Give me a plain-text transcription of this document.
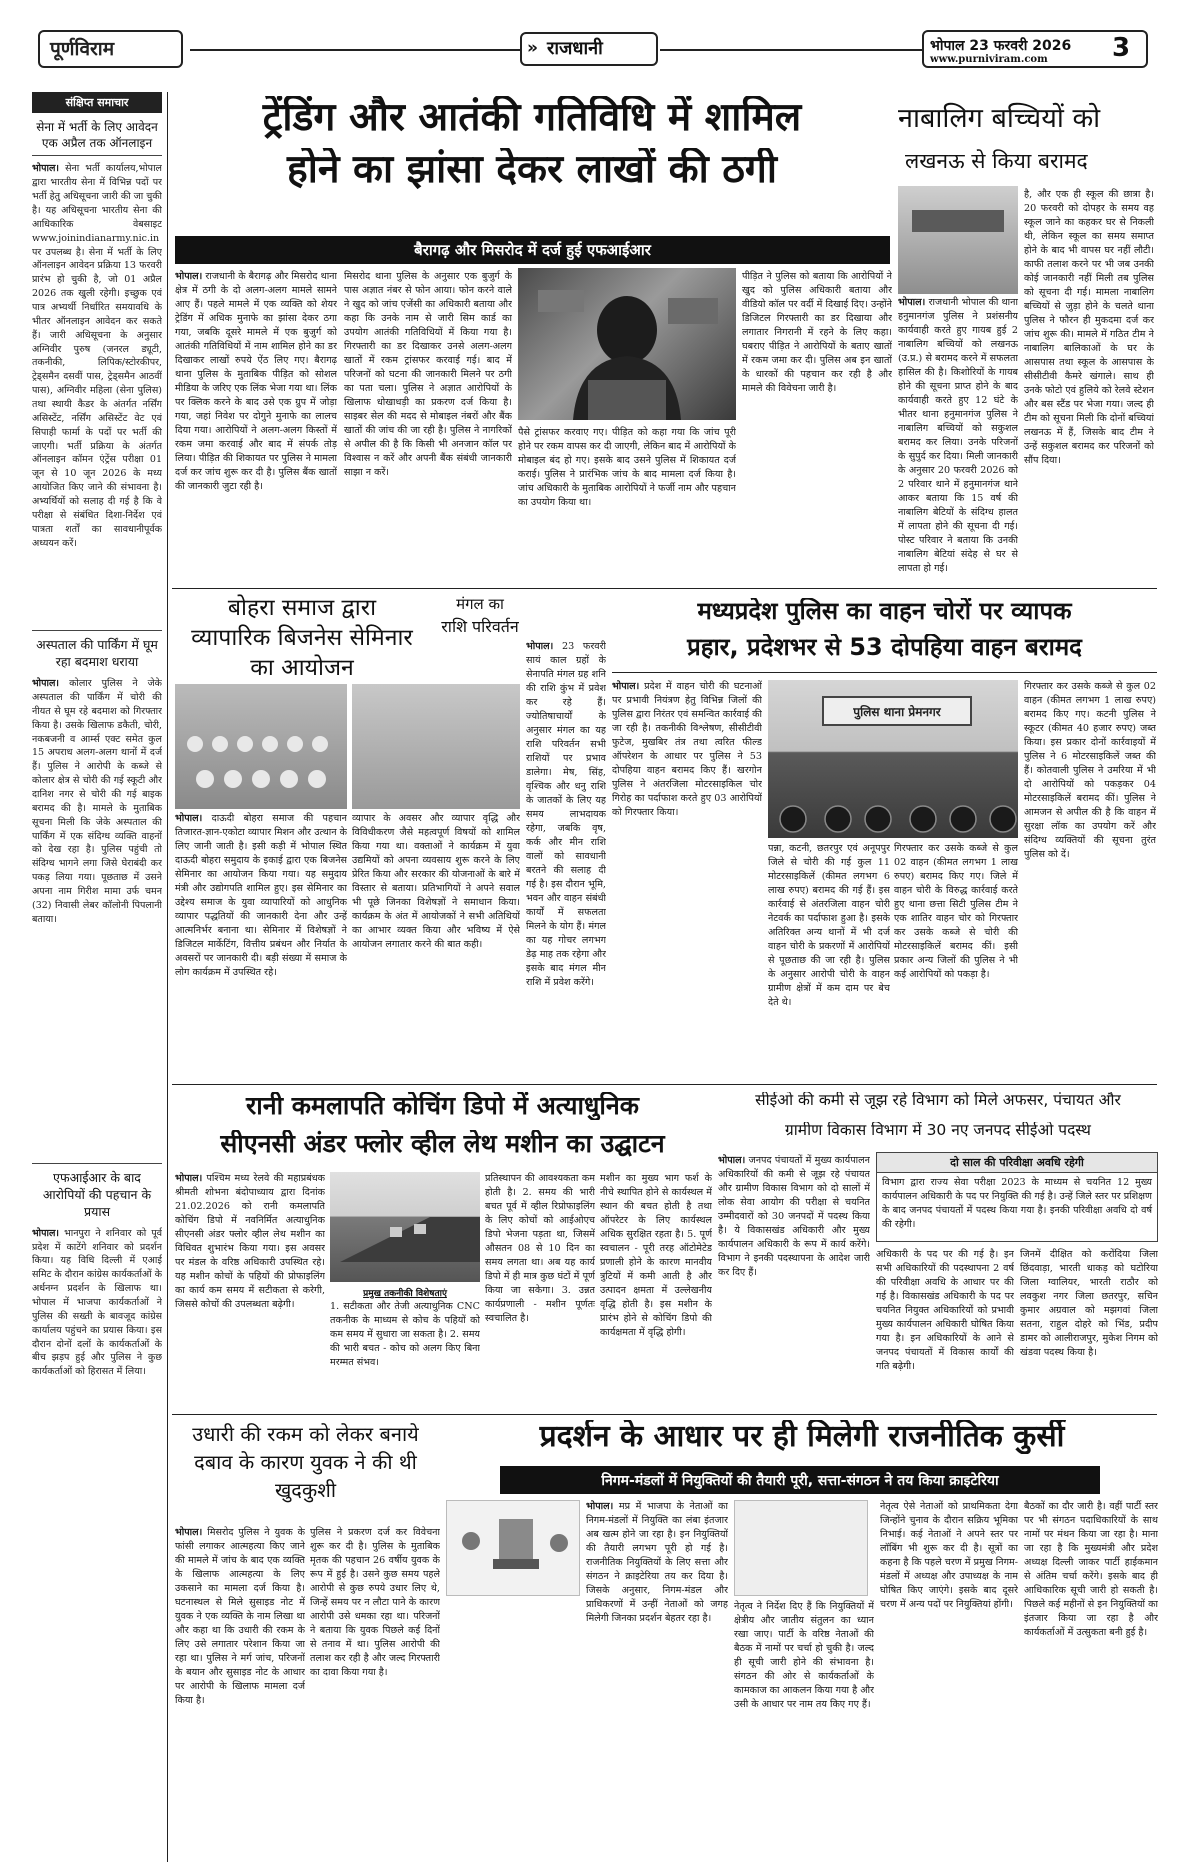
पूर्णविराम	» राजधानी	भोपाल 23 फरवरी 2026 3
www.purniviram.com
संक्षिप्त समाचार
सेना में भर्ती के लिए आवेदन एक अप्रैल तक ऑनलाइन
भोपाल। सेना भर्ती कार्यालय,भोपाल द्वारा भारतीय सेना में विभिन्न पदों पर भर्ती हेतु अधिसूचना जारी की जा चुकी है। यह अधिसूचना भारतीय सेना की आधिकारिक वेबसाइट www.joinindianarmy.nic.in पर उपलब्ध है। सेना में भर्ती के लिए ऑनलाइन आवेदन प्रक्रिया 13 फरवरी प्रारंभ हो चुकी है, जो 01 अप्रैल 2026 तक खुली रहेगी। इच्छुक एवं पात्र अभ्यर्थी निर्धारित समयावधि के भीतर ऑनलाइन आवेदन कर सकते हैं। जारी अधिसूचना के अनुसार अग्निवीर पुरुष (जनरल ड्यूटी, तकनीकी, लिपिक/स्टोरकीपर, ट्रेड्समैन दसवीं पास, ट्रेड्समैन आठवीं पास), अग्निवीर महिला (सेना पुलिस) तथा स्थायी कैडर के अंतर्गत नर्सिंग असिस्टेंट, नर्सिंग असिस्टेंट वेट एवं सिपाही फार्मा के पदों पर भर्ती की जाएगी। भर्ती प्रक्रिया के अंतर्गत ऑनलाइन कॉमन एंट्रेंस परीक्षा 01 जून से 10 जून 2026 के मध्य आयोजित किए जाने की संभावना है। अभ्यर्थियों को सलाह दी गई है कि वे परीक्षा से संबंधित दिशा-निर्देश एवं पात्रता शर्तों का सावधानीपूर्वक अध्ययन करें।
अस्पताल की पार्किंग में घूम रहा बदमाश धराया
भोपाल। कोलार पुलिस ने जेके अस्पताल की पार्किंग में चोरी की नीयत से घूम रहे बदमाश को गिरफ्तार किया है। उसके खिलाफ डकैती, चोरी, नकबजनी व आर्म्स एक्ट समेत कुल 15 अपराध अलग-अलग थानों में दर्ज हैं। पुलिस ने आरोपी के कब्जे से कोलार क्षेत्र से चोरी की गई स्कूटी और दानिश नगर से चोरी की गई बाइक बरामद की है। मामले के मुताबिक सूचना मिली कि जेके अस्पताल की पार्किंग में एक संदिग्ध व्यक्ति वाहनों को देख रहा है। पुलिस पहुंची तो संदिग्ध भागने लगा जिसे घेराबंदी कर पकड़ लिया गया। पूछताछ में उसने अपना नाम गिरीश मामा उर्फ चमन (32) निवासी लेबर कॉलोनी पिपलानी बताया।
एफआईआर के बाद आरोपियों की पहचान के प्रयास
भोपाल। भानपुरा ने शनिवार को पूर्व प्रदेश में काटेंगे शनिवार को प्रदर्शन किया। यह विधि दिल्ली में एआई समिट के दौरान कांग्रेस कार्यकर्ताओं के अर्धनग्न प्रदर्शन के खिलाफ था। भोपाल में भाजपा कार्यकर्ताओं ने पुलिस की सख्ती के बावजूद कांग्रेस कार्यालय पहुंचने का प्रयास किया। इस दौरान दोनों दलों के कार्यकर्ताओं के बीच झड़प हुई और पुलिस ने कुछ कार्यकर्ताओं को हिरासत में लिया।
ट्रेंडिंग और आतंकी गतिविधि में शामिल
होने का झांसा देकर लाखों की ठगी
बैरागढ़ और मिसरोद में दर्ज हुई एफआईआर
भोपाल। राजधानी के बैरागढ़ और मिसरोद थाना क्षेत्र में ठगी के दो अलग-अलग मामले सामने आए हैं। पहले मामले में एक व्यक्ति को शेयर ट्रेडिंग में अधिक मुनाफे का झांसा देकर ठगा गया, जबकि दूसरे मामले में एक बुजुर्ग को आतंकी गतिविधियों में नाम शामिल होने का डर दिखाकर लाखों रुपये ऐंठ लिए गए। बैरागढ़ थाना पुलिस के मुताबिक पीड़ित को सोशल मीडिया के जरिए एक लिंक भेजा गया था। लिंक पर क्लिक करने के बाद उसे एक ग्रुप में जोड़ा गया, जहां निवेश पर दोगुने मुनाफे का लालच दिया गया। आरोपियों ने अलग-अलग किस्तों में रकम जमा करवाई और बाद में संपर्क तोड़ लिया। पीड़ित की शिकायत पर पुलिस ने मामला दर्ज कर जांच शुरू कर दी है। पुलिस बैंक खातों की जानकारी जुटा रही है।
मिसरोद थाना पुलिस के अनुसार एक बुजुर्ग के पास अज्ञात नंबर से फोन आया। फोन करने वाले ने खुद को जांच एजेंसी का अधिकारी बताया और कहा कि उनके नाम से जारी सिम कार्ड का उपयोग आतंकी गतिविधियों में किया गया है। गिरफ्तारी का डर दिखाकर उनसे अलग-अलग खातों में रकम ट्रांसफर करवाई गई। बाद में परिजनों को घटना की जानकारी मिलने पर ठगी का पता चला। पुलिस ने अज्ञात आरोपियों के खिलाफ धोखाधड़ी का प्रकरण दर्ज किया है। साइबर सेल की मदद से मोबाइल नंबरों और बैंक खातों की जांच की जा रही है। पुलिस ने नागरिकों से अपील की है कि किसी भी अनजान कॉल पर विश्वास न करें और अपनी बैंक संबंधी जानकारी साझा न करें।
पैसे ट्रांसफर करवाए गए। पीड़ित को कहा गया कि जांच पूरी होने पर रकम वापस कर दी जाएगी, लेकिन बाद में आरोपियों के मोबाइल बंद हो गए। इसके बाद उसने पुलिस में शिकायत दर्ज कराई। पुलिस ने प्रारंभिक जांच के बाद मामला दर्ज किया है। जांच अधिकारी के मुताबिक आरोपियों ने फर्जी नाम और पहचान का उपयोग किया था।
पीड़ित ने पुलिस को बताया कि आरोपियों ने खुद को पुलिस अधिकारी बताया और वीडियो कॉल पर वर्दी में दिखाई दिए। उन्होंने डिजिटल गिरफ्तारी का डर दिखाया और लगातार निगरानी में रहने के लिए कहा। घबराए पीड़ित ने आरोपियों के बताए खातों में रकम जमा कर दी। पुलिस अब इन खातों के धारकों की पहचान कर रही है और मामले की विवेचना जारी है।
नाबालिग बच्चियों को
लखनऊ से किया बरामद
भोपाल। राजधानी भोपाल की थाना हनुमानगंज पुलिस ने प्रशंसनीय कार्यवाही करते हुए गायब हुई 2 नाबालिग बच्चियों को लखनऊ (उ.प्र.) से बरामद करने में सफलता हासिल की है। किशोरियों के गायब होने की सूचना प्राप्त होने के बाद कार्यवाही करते हुए 12 घंटे के भीतर थाना हनुमानगंज पुलिस ने नाबालिग बच्चियों को सकुशल बरामद कर लिया। उनके परिजनों के सुपुर्द कर दिया। मिली जानकारी के अनुसार 20 फरवरी 2026 को 2 परिवार थाने में हनुमानगंज थाने आकर बताया कि 15 वर्ष की नाबालिग बेटियों के संदिग्ध हालत में लापता होने की सूचना दी गई। पोस्ट परिवार ने बताया कि उनकी नाबालिग बेटियां संदेह से घर से लापता हो गई।
है, और एक ही स्कूल की छात्रा है। 20 फरवरी को दोपहर के समय वह स्कूल जाने का कहकर घर से निकली थी, लेकिन स्कूल का समय समाप्त होने के बाद भी वापस घर नहीं लौटी। काफी तलाश करने पर भी जब उनकी कोई जानकारी नहीं मिली तब पुलिस को सूचना दी गई। मामला नाबालिग बच्चियों से जुड़ा होने के चलते थाना पुलिस ने फौरन ही मुकदमा दर्ज कर जांच शुरू की। मामले में गठित टीम ने नाबालिग बालिकाओं के घर के आसपास तथा स्कूल के आसपास के सीसीटीवी कैमरे खंगाले। साथ ही उनके फोटो एवं हुलिये को रेलवे स्टेशन और बस स्टैंड पर भेजा गया। जल्द ही टीम को सूचना मिली कि दोनों बच्चियां लखनऊ में हैं, जिसके बाद टीम ने उन्हें सकुशल बरामद कर परिजनों को सौंप दिया।
बोहरा समाज द्वारा व्यापारिक बिजनेस सेमिनार का आयोजन
भोपाल। दाऊदी बोहरा समाज की पहचान तिजारत-ज्ञान-एकोटा व्यापार मिशन और उत्थान के लिए जानी जाती है। इसी कड़ी में भोपाल स्थित दाऊदी बोहरा समुदाय के इकाई द्वारा एक बिजनेस सेमिनार का आयोजन किया गया। यह समुदाय मंत्री और उद्योगपति शामिल हुए। इस सेमिनार का उद्देश्य समाज के युवा व्यापारियों को आधुनिक व्यापार पद्धतियों की जानकारी देना और उन्हें आत्मनिर्भर बनाना था। सेमिनार में विशेषज्ञों ने डिजिटल मार्केटिंग, वित्तीय प्रबंधन और निर्यात के अवसरों पर जानकारी दी। बड़ी संख्या में समाज के लोग कार्यक्रम में उपस्थित रहे।
व्यापार के अवसर और व्यापार वृद्धि और विविधीकरण जैसे महत्वपूर्ण विषयों को शामिल किया गया था। वक्ताओं ने कार्यक्रम में युवा उद्यमियों को अपना व्यवसाय शुरू करने के लिए प्रेरित किया और सरकार की योजनाओं के बारे में विस्तार से बताया। प्रतिभागियों ने अपने सवाल भी पूछे जिनका विशेषज्ञों ने समाधान किया। कार्यक्रम के अंत में आयोजकों ने सभी अतिथियों का आभार व्यक्त किया और भविष्य में ऐसे आयोजन लगातार करने की बात कही।
मंगल का
राशि परिवर्तन
मध्यप्रदेश पुलिस का वाहन चोरों पर व्यापक
प्रहार, प्रदेशभर से 53 दोपहिया वाहन बरामद
भोपाल। प्रदेश में वाहन चोरी की घटनाओं पर प्रभावी नियंत्रण हेतु विभिन्न जिलों की पुलिस द्वारा निरंतर एवं समन्वित कार्रवाई की जा रही है। तकनीकी विश्लेषण, सीसीटीवी फुटेज, मुखबिर तंत्र तथा त्वरित फील्ड ऑपरेशन के आधार पर पुलिस ने 53 दोपहिया वाहन बरामद किए हैं। खरगोन पुलिस ने अंतरजिला मोटरसाइकिल चोर गिरोह का पर्दाफाश करते हुए 03 आरोपियों को गिरफ्तार किया।
पुलिस थाना प्रेमनगर
पन्ना, कटनी, छतरपुर एवं अनूपपुर जिले से चोरी की गई कुल 11 मोटरसाइकिलें (कीमत लगभग 6 लाख रुपए) बरामद की गई हैं। इस कार्रवाई से अंतरजिला वाहन चोरी नेटवर्क का पर्दाफाश हुआ है। इसके अतिरिक्त अन्य थानों में भी दर्ज वाहन चोरी के प्रकरणों में आरोपियों से पूछताछ की जा रही है। पुलिस के अनुसार आरोपी चोरी के वाहन ग्रामीण क्षेत्रों में कम दाम पर बेच देते थे।
गिरफ्तार कर उसके कब्जे से कुल 02 वाहन (कीमत लगभग 1 लाख रुपए) बरामद किए गए। जिले में वाहन चोरी के विरुद्ध कार्रवाई करते हुए थाना छत्ता सिटी पुलिस टीम ने एक शातिर वाहन चोर को गिरफ्तार कर उसके कब्जे से चोरी की मोटरसाइकिलें बरामद कीं। इसी प्रकार अन्य जिलों की पुलिस ने भी कई आरोपियों को पकड़ा है।
गिरफ्तार कर उसके कब्जे से कुल 02 वाहन (कीमत लगभग 1 लाख रुपए) बरामद किए गए। कटनी पुलिस ने स्कूटर (कीमत 40 हजार रुपए) जब्त किया। इस प्रकार दोनों कार्रवाइयों में पुलिस ने 6 मोटरसाइकिलें जब्त की हैं। कोतवाली पुलिस ने उमरिया में भी दो आरोपियों को पकड़कर 04 मोटरसाइकिलें बरामद कीं। पुलिस ने आमजन से अपील की है कि वाहन में सुरक्षा लॉक का उपयोग करें और संदिग्ध व्यक्तियों की सूचना तुरंत पुलिस को दें।
रानी कमलापति कोचिंग डिपो में अत्याधुनिक
सीएनसी अंडर फ्लोर व्हील लेथ मशीन का उद्घाटन
भोपाल। पश्चिम मध्य रेलवे की महाप्रबंधक श्रीमती शोभना बंदोपाध्याय द्वारा दिनांक 21.02.2026 को रानी कमलापति कोचिंग डिपो में नवनिर्मित अत्याधुनिक सीएनसी अंडर फ्लोर व्हील लेथ मशीन का विधिवत शुभारंभ किया गया। इस अवसर पर मंडल के वरिष्ठ अधिकारी उपस्थित रहे। यह मशीन कोचों के पहियों की प्रोफाइलिंग का कार्य कम समय में सटीकता से करेगी, जिससे कोचों की उपलब्धता बढ़ेगी।
प्रमुख तकनीकी विशेषताएं
1. सटीकता और तेजी अत्याधुनिक CNC तकनीक के माध्यम से कोच के पहियों को कम समय में सुधारा जा सकता है। 2. समय की भारी बचत - कोच को अलग किए बिना मरम्मत संभव।
प्रतिस्थापन की आवश्यकता कम होती है। 2. समय की भारी बचत पूर्व में व्हील रिप्रोफाइलिंग के लिए कोचों को आईओएच डिपो भेजना पड़ता था, जिसमें औसतन 08 से 10 दिन का समय लगता था। अब यह कार्य डिपो में ही मात्र कुछ घंटों में पूर्ण किया जा सकेगा। 3. उन्नत कार्यप्रणाली - मशीन पूर्णतः स्वचालित है।
मशीन का मुख्य भाग फर्श के नीचे स्थापित होने से कार्यस्थल में स्थान की बचत होती है तथा ऑपरेटर के लिए कार्यस्थल अधिक सुरक्षित रहता है। 5. पूर्ण स्वचालन - पूरी तरह ऑटोमेटेड प्रणाली होने के कारण मानवीय त्रुटियों में कमी आती है और उत्पादन क्षमता में उल्लेखनीय वृद्धि होती है। इस मशीन के प्रारंभ होने से कोचिंग डिपो की कार्यक्षमता में वृद्धि होगी।
सीईओ की कमी से जूझ रहे विभाग को मिले अफसर, पंचायत और
ग्रामीण विकास विभाग में 30 नए जनपद सीईओ पदस्थ
दो साल की परिवीक्षा अवधि रहेगी
विभाग द्वारा राज्य सेवा परीक्षा 2023 के माध्यम से चयनित 12 मुख्य कार्यपालन अधिकारी के पद पर नियुक्ति की गई है। उन्हें जिले स्तर पर प्रशिक्षण के बाद जनपद पंचायतों में पदस्थ किया गया है। इनकी परिवीक्षा अवधि दो वर्ष की रहेगी।
भोपाल। जनपद पंचायतों में मुख्य कार्यपालन अधिकारियों की कमी से जूझ रहे पंचायत और ग्रामीण विकास विभाग को दो सालों में लोक सेवा आयोग की परीक्षा से चयनित उम्मीदवारों को 30 जनपदों में पदस्थ किया है। ये विकासखंड अधिकारी और मुख्य कार्यपालन अधिकारी के रूप में कार्य करेंगे। विभाग ने इनकी पदस्थापना के आदेश जारी कर दिए हैं।
अधिकारी के पद पर की गई है। इन सभी अधिकारियों की पदस्थापना 2 वर्ष की परिवीक्षा अवधि के आधार पर की गई है। विकासखंड अधिकारी के पद पर चयनित नियुक्त अधिकारियों को प्रभावी मुख्य कार्यपालन अधिकारी घोषित किया गया है। इन अधिकारियों के आने से जनपद पंचायतों में विकास कार्यों की गति बढ़ेगी।
जिनमें दीक्षित को करोंदिया जिला छिंदवाड़ा, भारती धाकड़ को घटोरिया जिला ग्वालियर, भारती राठौर को लवकुश नगर जिला छतरपुर, सचिन कुमार अग्रवाल को मझगवां जिला सतना, राहुल दोहरे को भिंड, प्रदीप डामर को आलीराजपुर, मुकेश निगम को खंडवा पदस्थ किया है।
उधारी की रकम को लेकर बनाये दबाव के कारण युवक ने की थी खुदकुशी
भोपाल। मिसरोद पुलिस ने युवक के फांसी लगाकर आत्महत्या किए जाने की मामले में जांच के बाद एक व्यक्ति के खिलाफ आत्महत्या के लिए उकसाने का मामला दर्ज किया है। घटनास्थल से मिले सुसाइड नोट में युवक ने एक व्यक्ति के नाम लिखा था और कहा था कि उधारी की रकम के लिए उसे लगातार परेशान किया जा रहा था। पुलिस ने मर्ग जांच, परिजनों के बयान और सुसाइड नोट के आधार पर आरोपी के खिलाफ मामला दर्ज किया है।
पुलिस ने प्रकरण दर्ज कर विवेचना शुरू कर दी है। पुलिस के मुताबिक मृतक की पहचान 26 वर्षीय युवक के रूप में हुई है। उसने कुछ समय पहले आरोपी से कुछ रुपये उधार लिए थे, जिन्हें समय पर न लौटा पाने के कारण आरोपी उसे धमका रहा था। परिजनों ने बताया कि युवक पिछले कई दिनों से तनाव में था। पुलिस आरोपी की तलाश कर रही है और जल्द गिरफ्तारी का दावा किया गया है।
प्रदर्शन के आधार पर ही मिलेगी राजनीतिक कुर्सी
निगम-मंडलों में नियुक्तियों की तैयारी पूरी, सत्ता-संगठन ने तय किया क्राइटेरिया
भोपाल। मप्र में भाजपा के नेताओं का निगम-मंडलों में नियुक्ति का लंबा इंतजार अब खत्म होने जा रहा है। इन नियुक्तियों की तैयारी लगभग पूरी हो गई है। राजनीतिक नियुक्तियों के लिए सत्ता और संगठन ने क्राइटेरिया तय कर दिया है। जिसके अनुसार, निगम-मंडल और प्राधिकरणों में उन्हीं नेताओं को जगह मिलेगी जिनका प्रदर्शन बेहतर रहा है।
नेतृत्व ने निर्देश दिए हैं कि नियुक्तियों में क्षेत्रीय और जातीय संतुलन का ध्यान रखा जाए। पार्टी के वरिष्ठ नेताओं की बैठक में नामों पर चर्चा हो चुकी है। जल्द ही सूची जारी होने की संभावना है। संगठन की ओर से कार्यकर्ताओं के कामकाज का आकलन किया गया है और उसी के आधार पर नाम तय किए गए हैं।
नेतृत्व ऐसे नेताओं को प्राथमिकता देगा जिन्होंने चुनाव के दौरान सक्रिय भूमिका निभाई। कई नेताओं ने अपने स्तर पर लॉबिंग भी शुरू कर दी है। सूत्रों का कहना है कि पहले चरण में प्रमुख निगम-मंडलों में अध्यक्ष और उपाध्यक्ष के नाम घोषित किए जाएंगे। इसके बाद दूसरे चरण में अन्य पदों पर नियुक्तियां होंगी।
बैठकों का दौर जारी है। वहीं पार्टी स्तर पर भी संगठन पदाधिकारियों के साथ नामों पर मंथन किया जा रहा है। माना जा रहा है कि मुख्यमंत्री और प्रदेश अध्यक्ष दिल्ली जाकर पार्टी हाईकमान से अंतिम चर्चा करेंगे। इसके बाद ही आधिकारिक सूची जारी हो सकती है। पिछले कई महीनों से इन नियुक्तियों का इंतजार किया जा रहा है और कार्यकर्ताओं में उत्सुकता बनी हुई है।
भोपाल। 23 फरवरी सायं काल ग्रहों के सेनापति मंगल ग्रह शनि की राशि कुंभ में प्रवेश कर रहे हैं। ज्योतिषाचार्यों के अनुसार मंगल का यह राशि परिवर्तन सभी राशियों पर प्रभाव डालेगा। मेष, सिंह, वृश्चिक और धनु राशि के जातकों के लिए यह समय लाभदायक रहेगा, जबकि वृष, कर्क और मीन राशि वालों को सावधानी बरतने की सलाह दी गई है। इस दौरान भूमि, भवन और वाहन संबंधी कार्यों में सफलता मिलने के योग हैं। मंगल का यह गोचर लगभग डेढ़ माह तक रहेगा और इसके बाद मंगल मीन राशि में प्रवेश करेंगे।
